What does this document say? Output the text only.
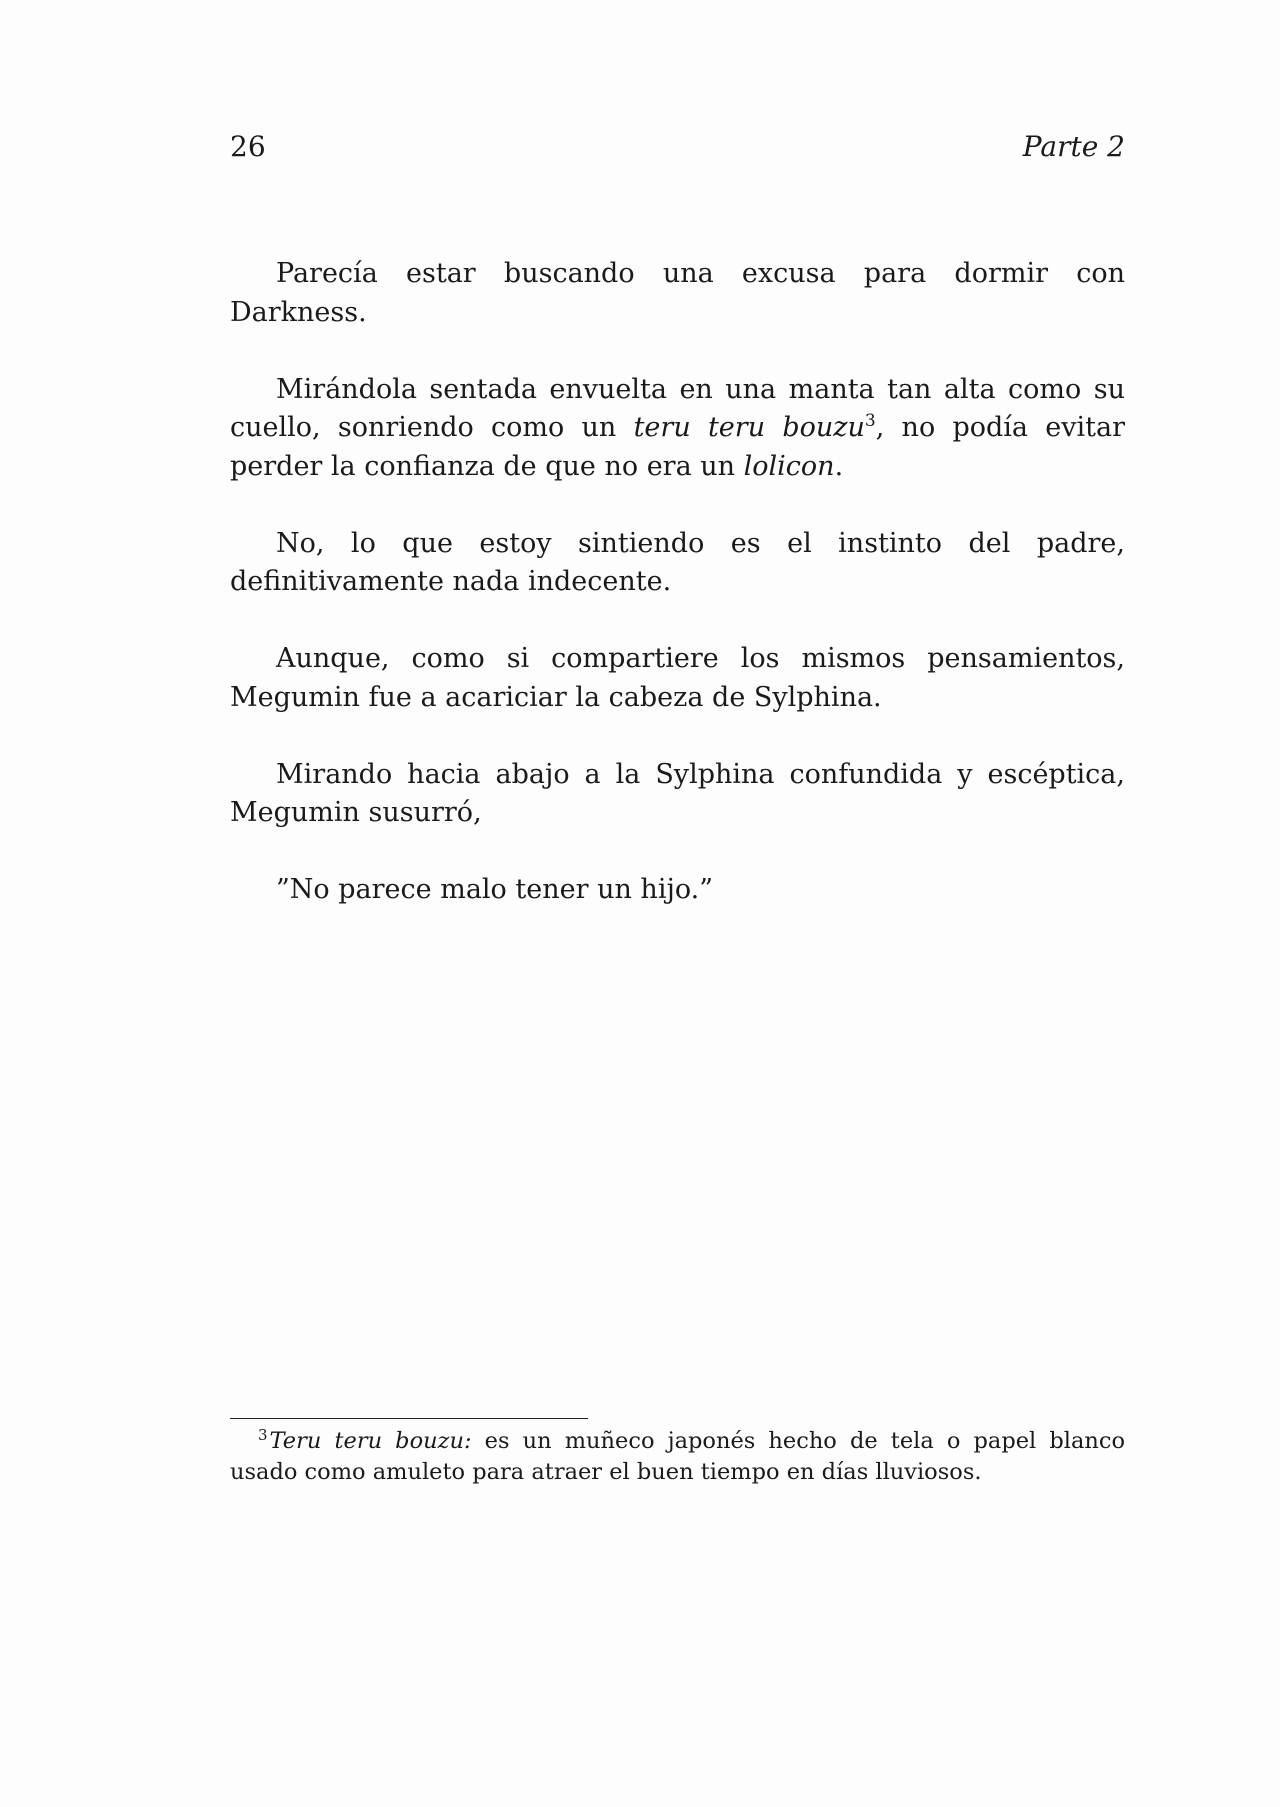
26	Parte 2

Parecía estar buscando una excusa para dormir con Darkness.

Mirándola sentada envuelta en una manta tan alta como su cuello, sonriendo como un teru teru bouzu$^3$, no podía evitar perder la confianza de que no era un lolicon.

No, lo que estoy sintiendo es el instinto del padre, definitivamente nada indecente.

Aunque, como si compartiere los mismos pensamientos, Megumin fue a acariciar la cabeza de Sylphina.

Mirando hacia abajo a la Sylphina confundida y escéptica, Megumin susurró,

”No parece malo tener un hijo.”

$^3$Teru teru bouzu: es un muñeco japonés hecho de tela o papel blanco usado como amuleto para atraer el buen tiempo en días lluviosos.
